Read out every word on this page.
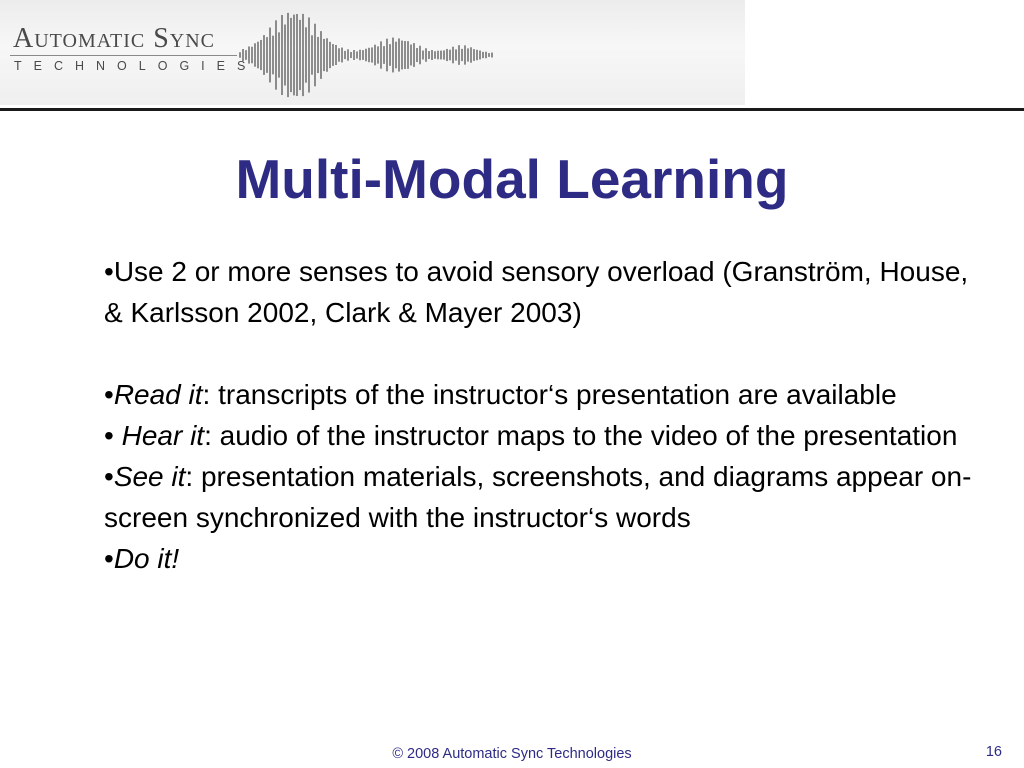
Automatic Sync
TECHNOLOGIES
Multi-Modal Learning

•Use 2 or more senses to avoid sensory overload (Granström, House, & Karlsson 2002, Clark & Mayer 2003)

•Read it: transcripts of the instructor‘s presentation are available

• Hear it: audio of the instructor maps to the video of the presentation

•See it: presentation materials, screenshots, and diagrams appear on-screen synchronized with the instructor‘s words

•Do it!

© 2008 Automatic Sync Technologies	16
